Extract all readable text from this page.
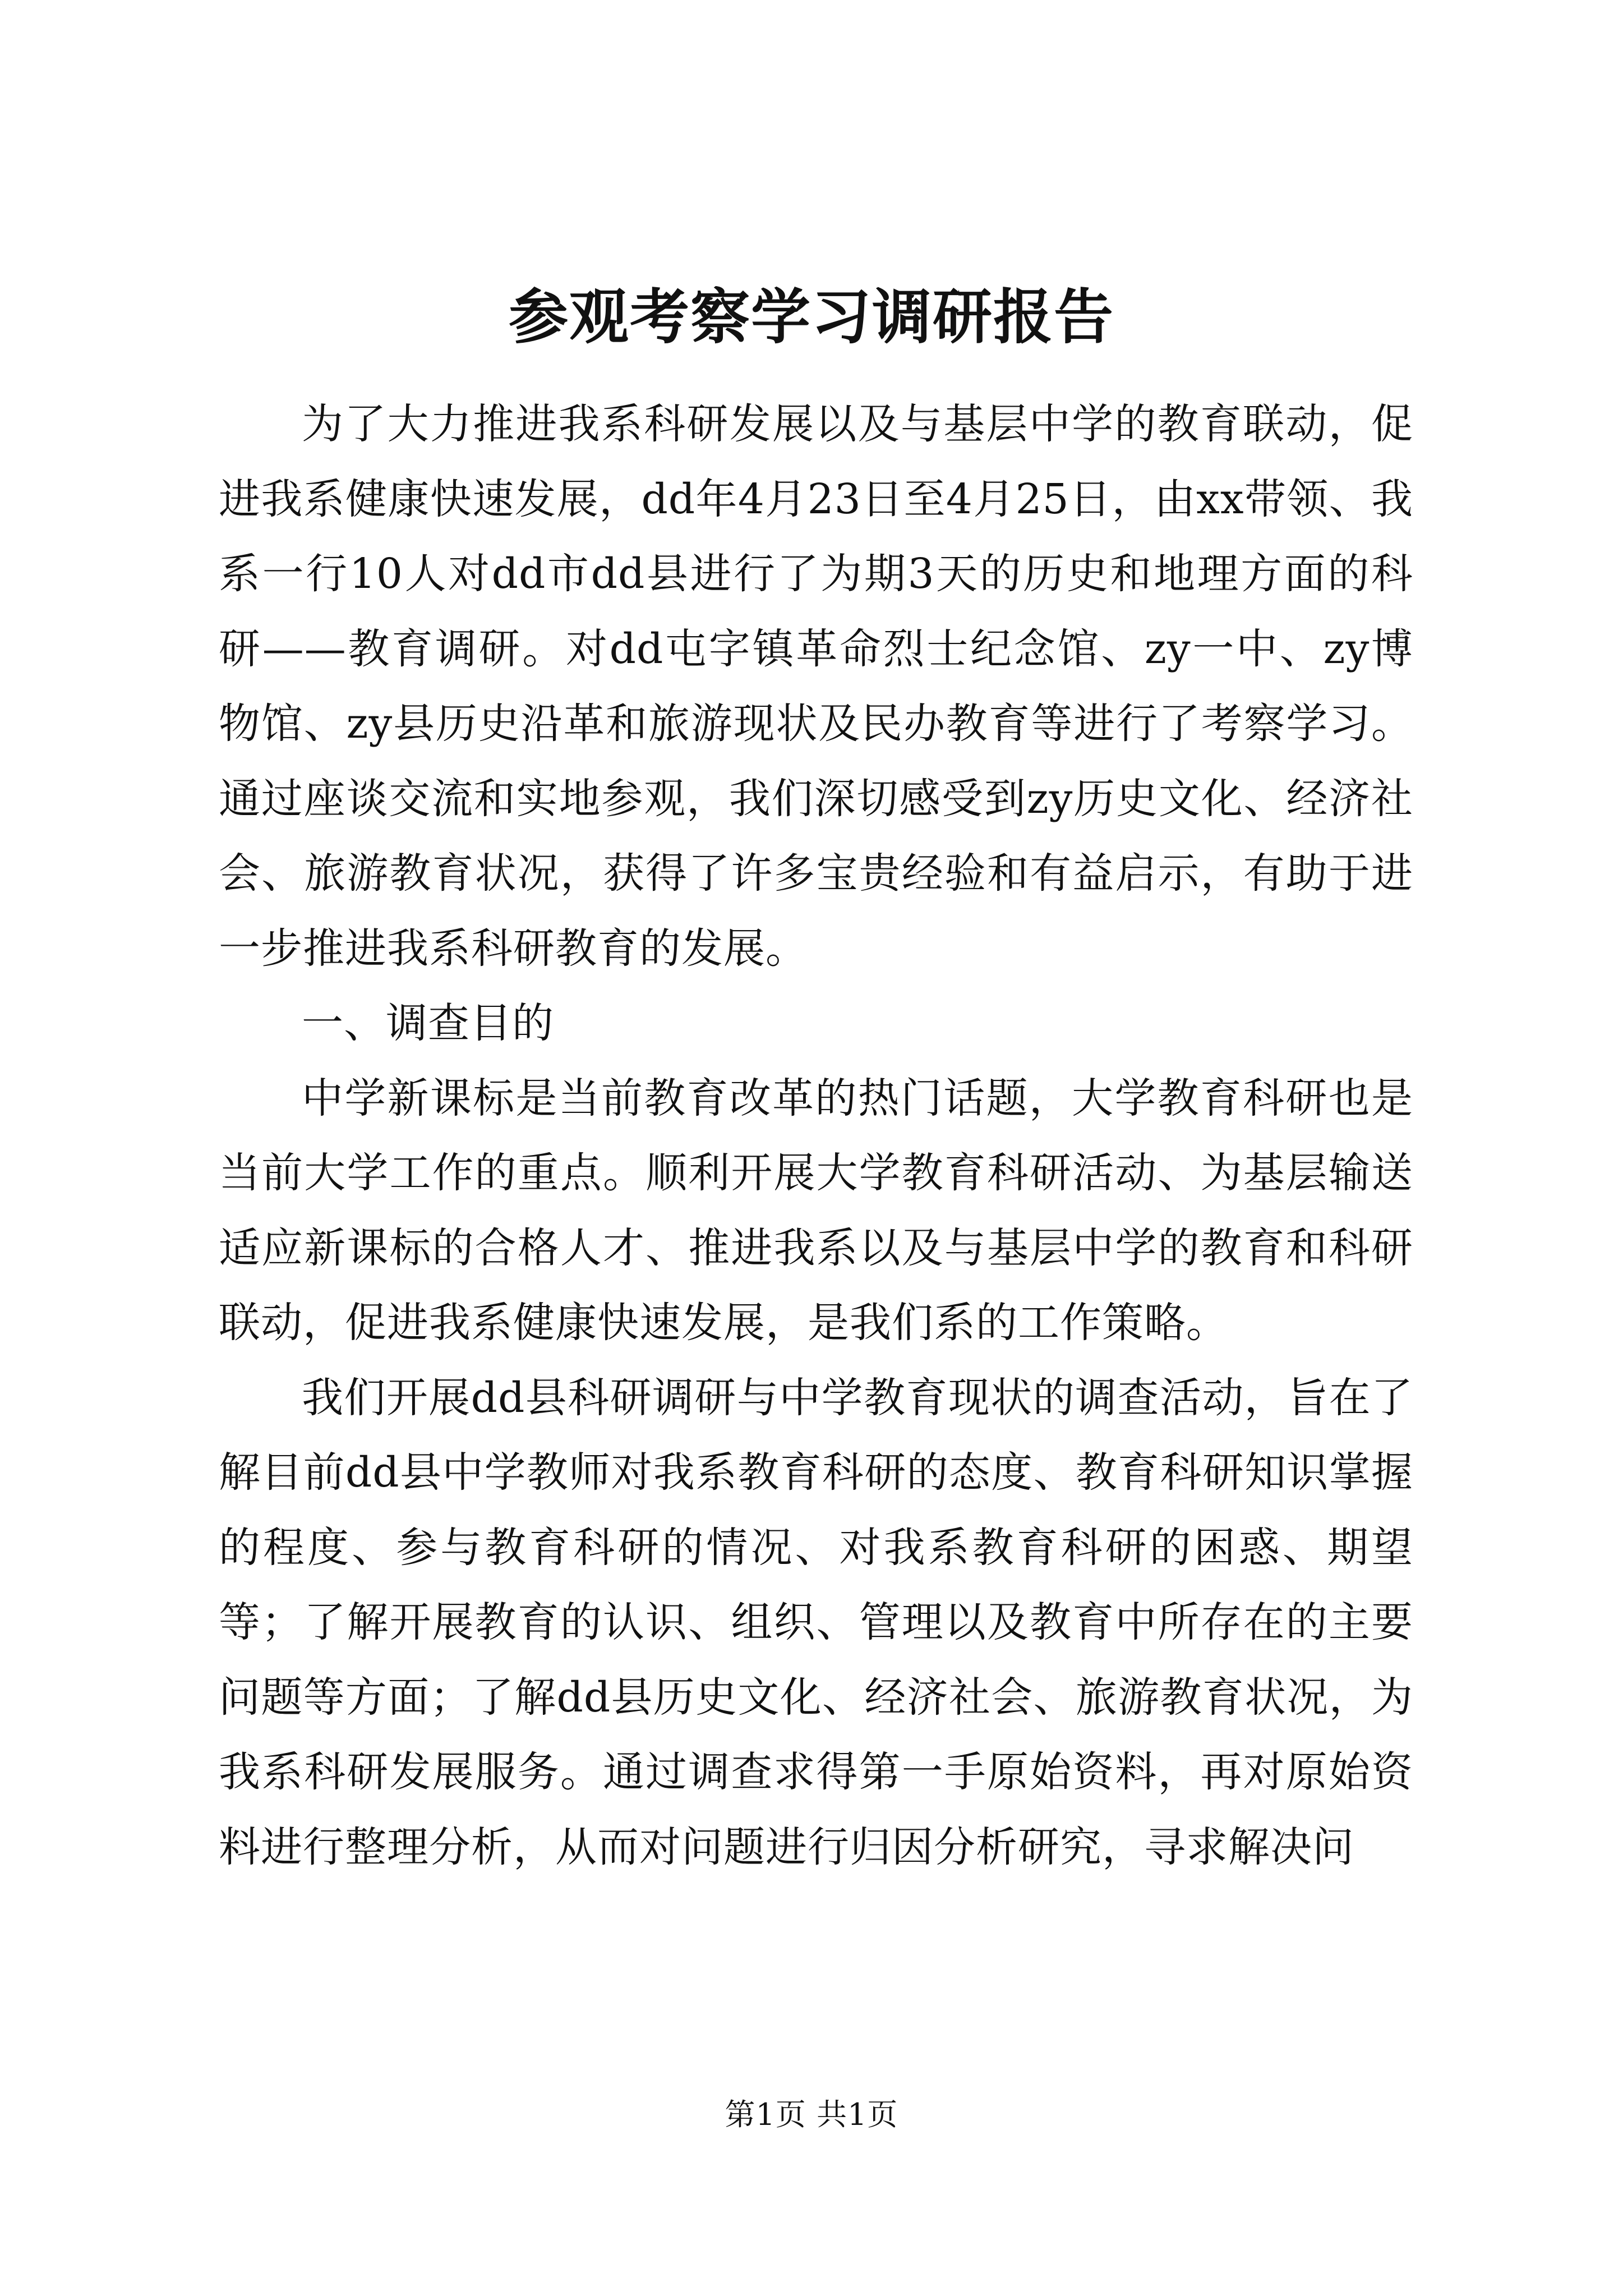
参观考察学习调研报告

为了大力推进我系科研发展以及与基层中学的教育联动，促进我系健康快速发展，dd年4月23日至4月25日，由xx带领、我系一行10人对dd市dd县进行了为期3天的历史和地理方面的科研——教育调研。对dd屯字镇革命烈士纪念馆、zy一中、zy博物馆、zy县历史沿革和旅游现状及民办教育等进行了考察学习。通过座谈交流和实地参观，我们深切感受到zy历史文化、经济社会、旅游教育状况，获得了许多宝贵经验和有益启示，有助于进一步推进我系科研教育的发展。

一、调查目的

中学新课标是当前教育改革的热门话题，大学教育科研也是当前大学工作的重点。顺利开展大学教育科研活动、为基层输送适应新课标的合格人才、推进我系以及与基层中学的教育和科研联动，促进我系健康快速发展，是我们系的工作策略。

我们开展dd县科研调研与中学教育现状的调查活动，旨在了解目前dd县中学教师对我系教育科研的态度、教育科研知识掌握的程度、参与教育科研的情况、对我系教育科研的困惑、期望等；了解开展教育的认识、组织、管理以及教育中所存在的主要问题等方面；了解dd县历史文化、经济社会、旅游教育状况，为我系科研发展服务。通过调查求得第一手原始资料，再对原始资料进行整理分析，从而对问题进行归因分析研究，寻求解决问

第1页 共1页
